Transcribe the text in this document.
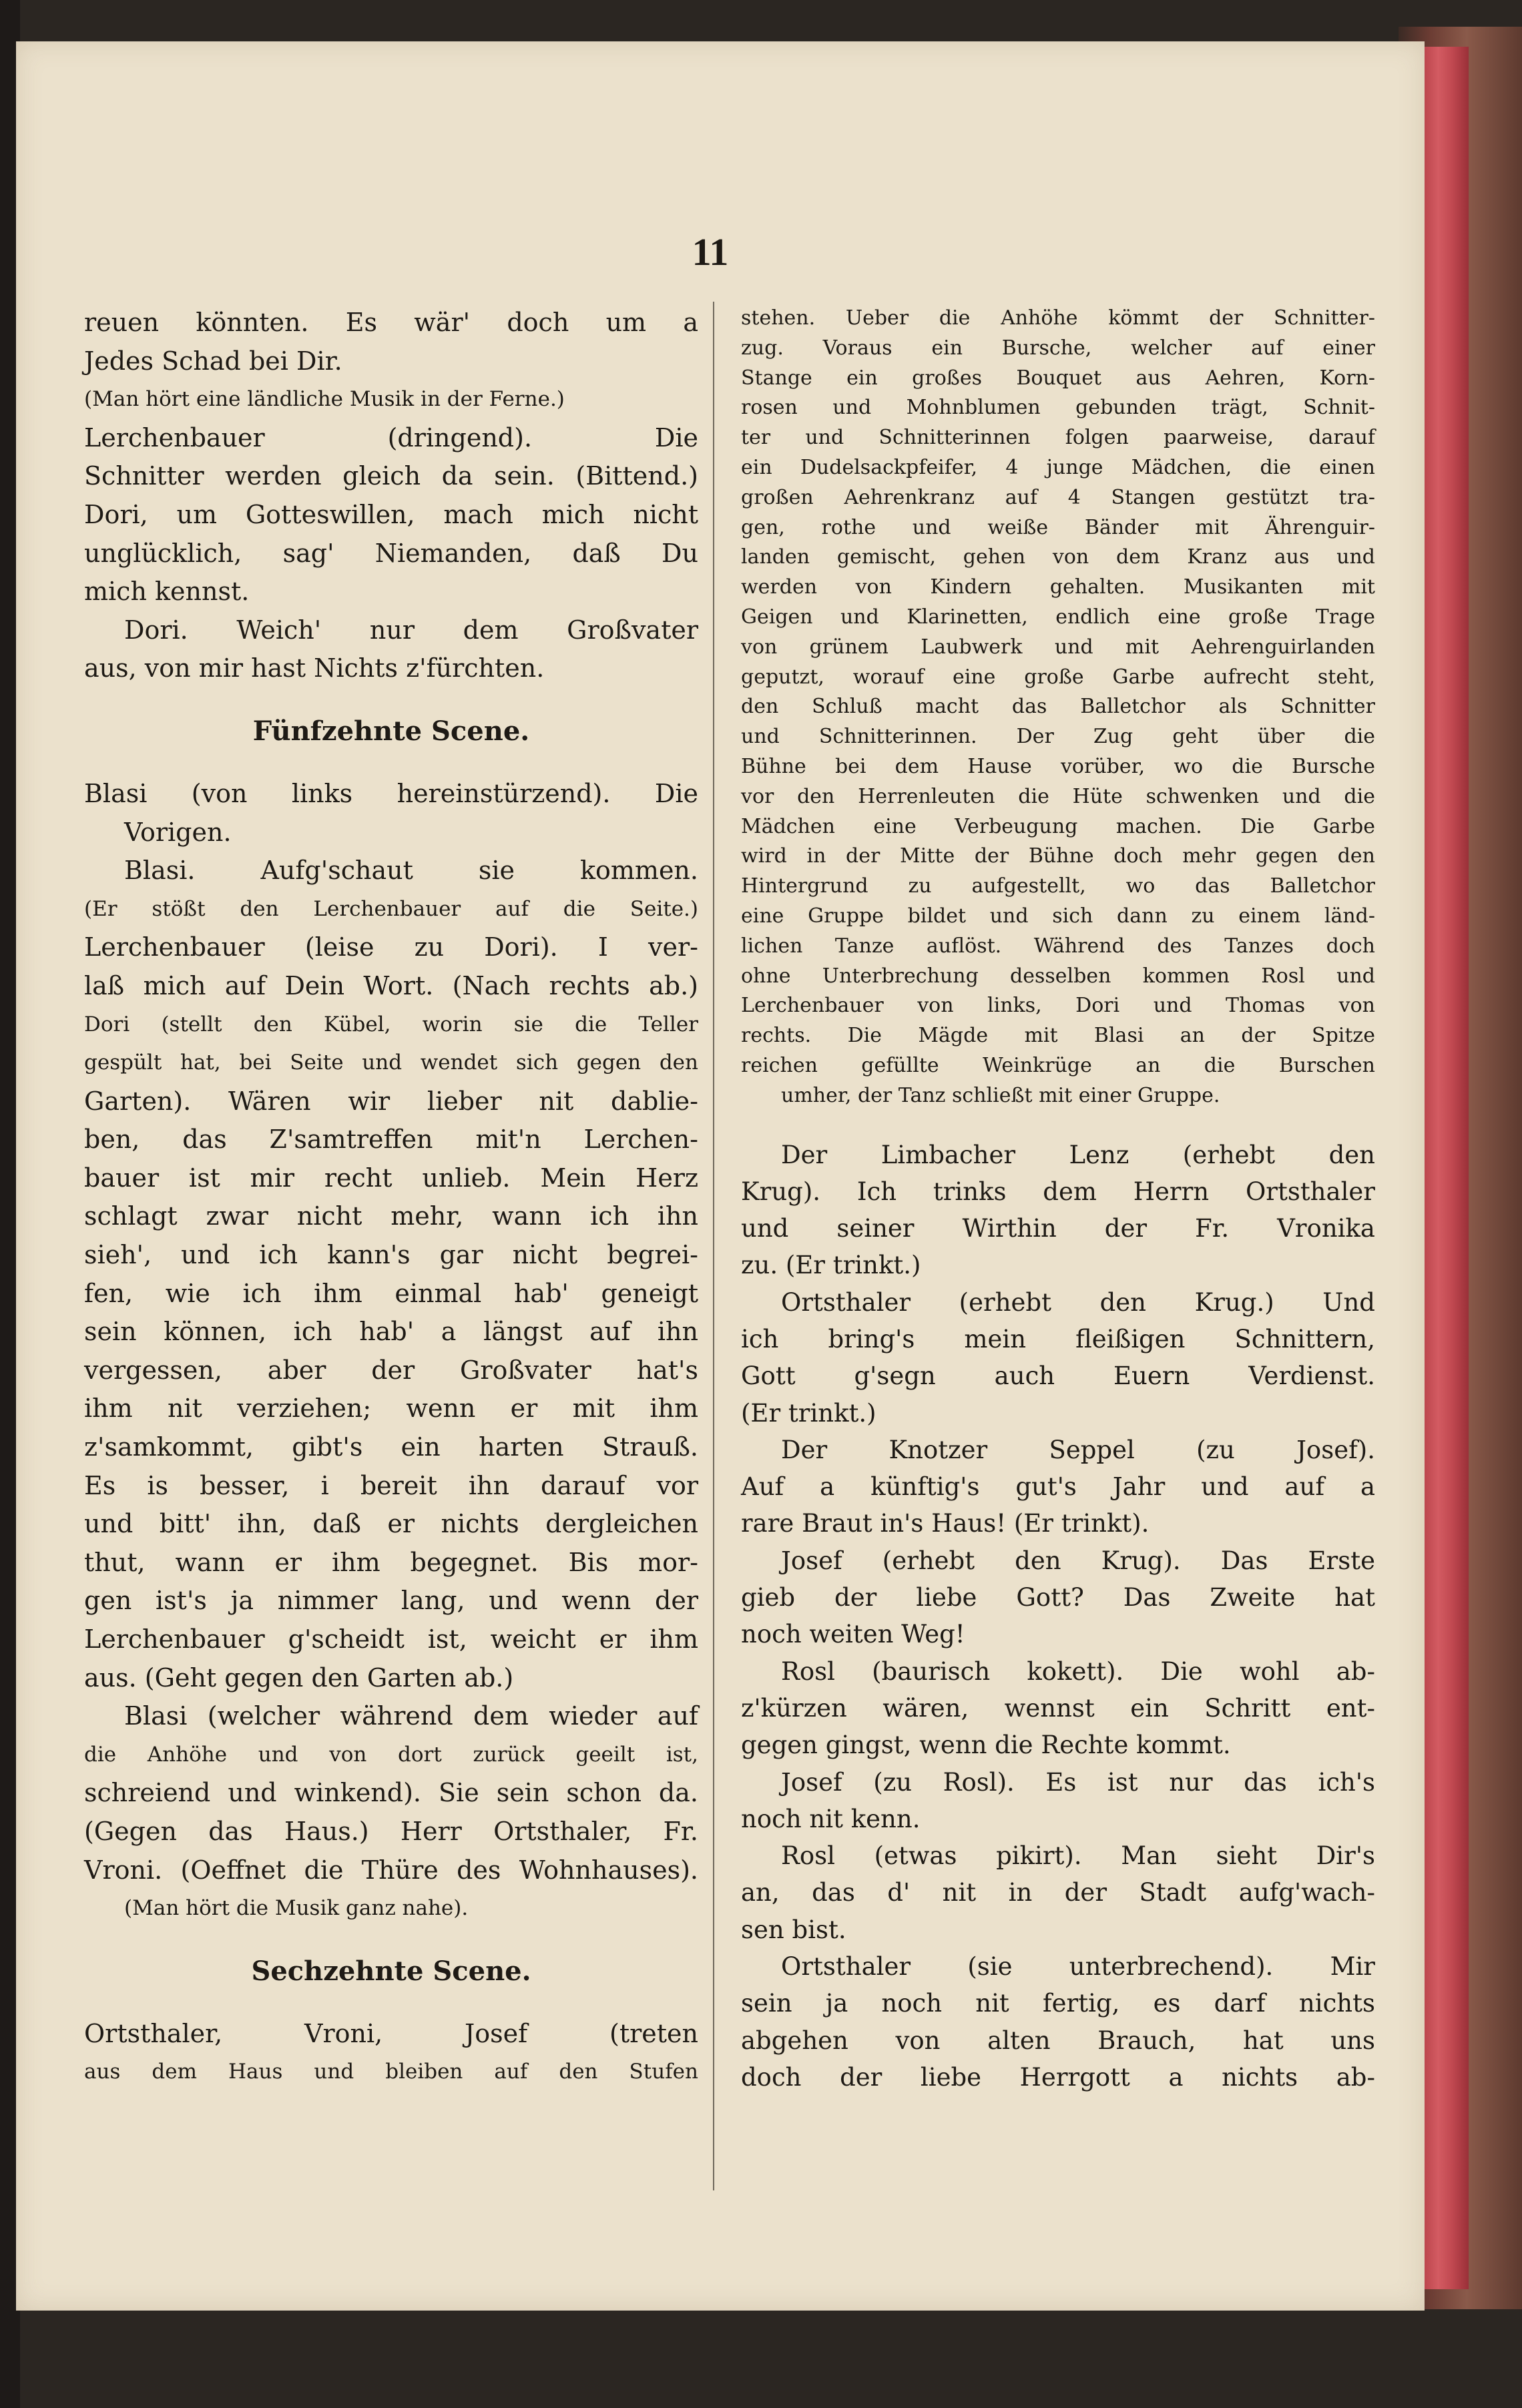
11
reuen könnten. Es wär' doch um a
Jedes Schad bei Dir.
(Man hört eine ländliche Musik in der Ferne.)
Lerchenbauer (dringend). Die
Schnitter werden gleich da sein. (Bittend.)
Dori, um Gotteswillen, mach mich nicht
unglücklich, sag' Niemanden, daß Du
mich kennst.
Dori. Weich' nur dem Großvater
aus, von mir hast Nichts z'fürchten.
Fünfzehnte Scene.
Blasi (von links hereinstürzend). Die
Vorigen.
Blasi. Aufg'schaut sie kommen.
(Er stößt den Lerchenbauer auf die Seite.)
Lerchenbauer (leise zu Dori). I ver-
laß mich auf Dein Wort. (Nach rechts ab.)
Dori (stellt den Kübel, worin sie die Teller
gespült hat, bei Seite und wendet sich gegen den
Garten). Wären wir lieber nit dablie-
ben, das Z'samtreffen mit'n Lerchen-
bauer ist mir recht unlieb. Mein Herz
schlagt zwar nicht mehr, wann ich ihn
sieh', und ich kann's gar nicht begrei-
fen, wie ich ihm einmal hab' geneigt
sein können, ich hab' a längst auf ihn
vergessen, aber der Großvater hat's
ihm nit verziehen; wenn er mit ihm
z'samkommt, gibt's ein harten Strauß.
Es is besser, i bereit ihn darauf vor
und bitt' ihn, daß er nichts dergleichen
thut, wann er ihm begegnet. Bis mor-
gen ist's ja nimmer lang, und wenn der
Lerchenbauer g'scheidt ist, weicht er ihm
aus. (Geht gegen den Garten ab.)
Blasi (welcher während dem wieder auf
die Anhöhe und von dort zurück geeilt ist,
schreiend und winkend). Sie sein schon da.
(Gegen das Haus.) Herr Ortsthaler, Fr.
Vroni. (Oeffnet die Thüre des Wohnhauses).
(Man hört die Musik ganz nahe).
Sechzehnte Scene.
Ortsthaler, Vroni, Josef (treten
aus dem Haus und bleiben auf den Stufen
stehen. Ueber die Anhöhe kömmt der Schnitter-
zug. Voraus ein Bursche, welcher auf einer
Stange ein großes Bouquet aus Aehren, Korn-
rosen und Mohnblumen gebunden trägt, Schnit-
ter und Schnitterinnen folgen paarweise, darauf
ein Dudelsackpfeifer, 4 junge Mädchen, die einen
großen Aehrenkranz auf 4 Stangen gestützt tra-
gen, rothe und weiße Bänder mit Ährenguir-
landen gemischt, gehen von dem Kranz aus und
werden von Kindern gehalten. Musikanten mit
Geigen und Klarinetten, endlich eine große Trage
von grünem Laubwerk und mit Aehrenguirlanden
geputzt, worauf eine große Garbe aufrecht steht,
den Schluß macht das Balletchor als Schnitter
und Schnitterinnen. Der Zug geht über die
Bühne bei dem Hause vorüber, wo die Bursche
vor den Herrenleuten die Hüte schwenken und die
Mädchen eine Verbeugung machen. Die Garbe
wird in der Mitte der Bühne doch mehr gegen den
Hintergrund zu aufgestellt, wo das Balletchor
eine Gruppe bildet und sich dann zu einem länd-
lichen Tanze auflöst. Während des Tanzes doch
ohne Unterbrechung desselben kommen Rosl und
Lerchenbauer von links, Dori und Thomas von
rechts. Die Mägde mit Blasi an der Spitze
reichen gefüllte Weinkrüge an die Burschen
umher, der Tanz schließt mit einer Gruppe.
Der Limbacher Lenz (erhebt den
Krug). Ich trinks dem Herrn Ortsthaler
und seiner Wirthin der Fr. Vronika
zu. (Er trinkt.)
Ortsthaler (erhebt den Krug.) Und
ich bring's mein fleißigen Schnittern,
Gott g'segn auch Euern Verdienst.
(Er trinkt.)
Der Knotzer Seppel (zu Josef).
Auf a künftig's gut's Jahr und auf a
rare Braut in's Haus! (Er trinkt).
Josef (erhebt den Krug). Das Erste
gieb der liebe Gott? Das Zweite hat
noch weiten Weg!
Rosl (baurisch kokett). Die wohl ab-
z'kürzen wären, wennst ein Schritt ent-
gegen gingst, wenn die Rechte kommt.
Josef (zu Rosl). Es ist nur das ich's
noch nit kenn.
Rosl (etwas pikirt). Man sieht Dir's
an, das d' nit in der Stadt aufg'wach-
sen bist.
Ortsthaler (sie unterbrechend). Mir
sein ja noch nit fertig, es darf nichts
abgehen von alten Brauch, hat uns
doch der liebe Herrgott a nichts ab-
